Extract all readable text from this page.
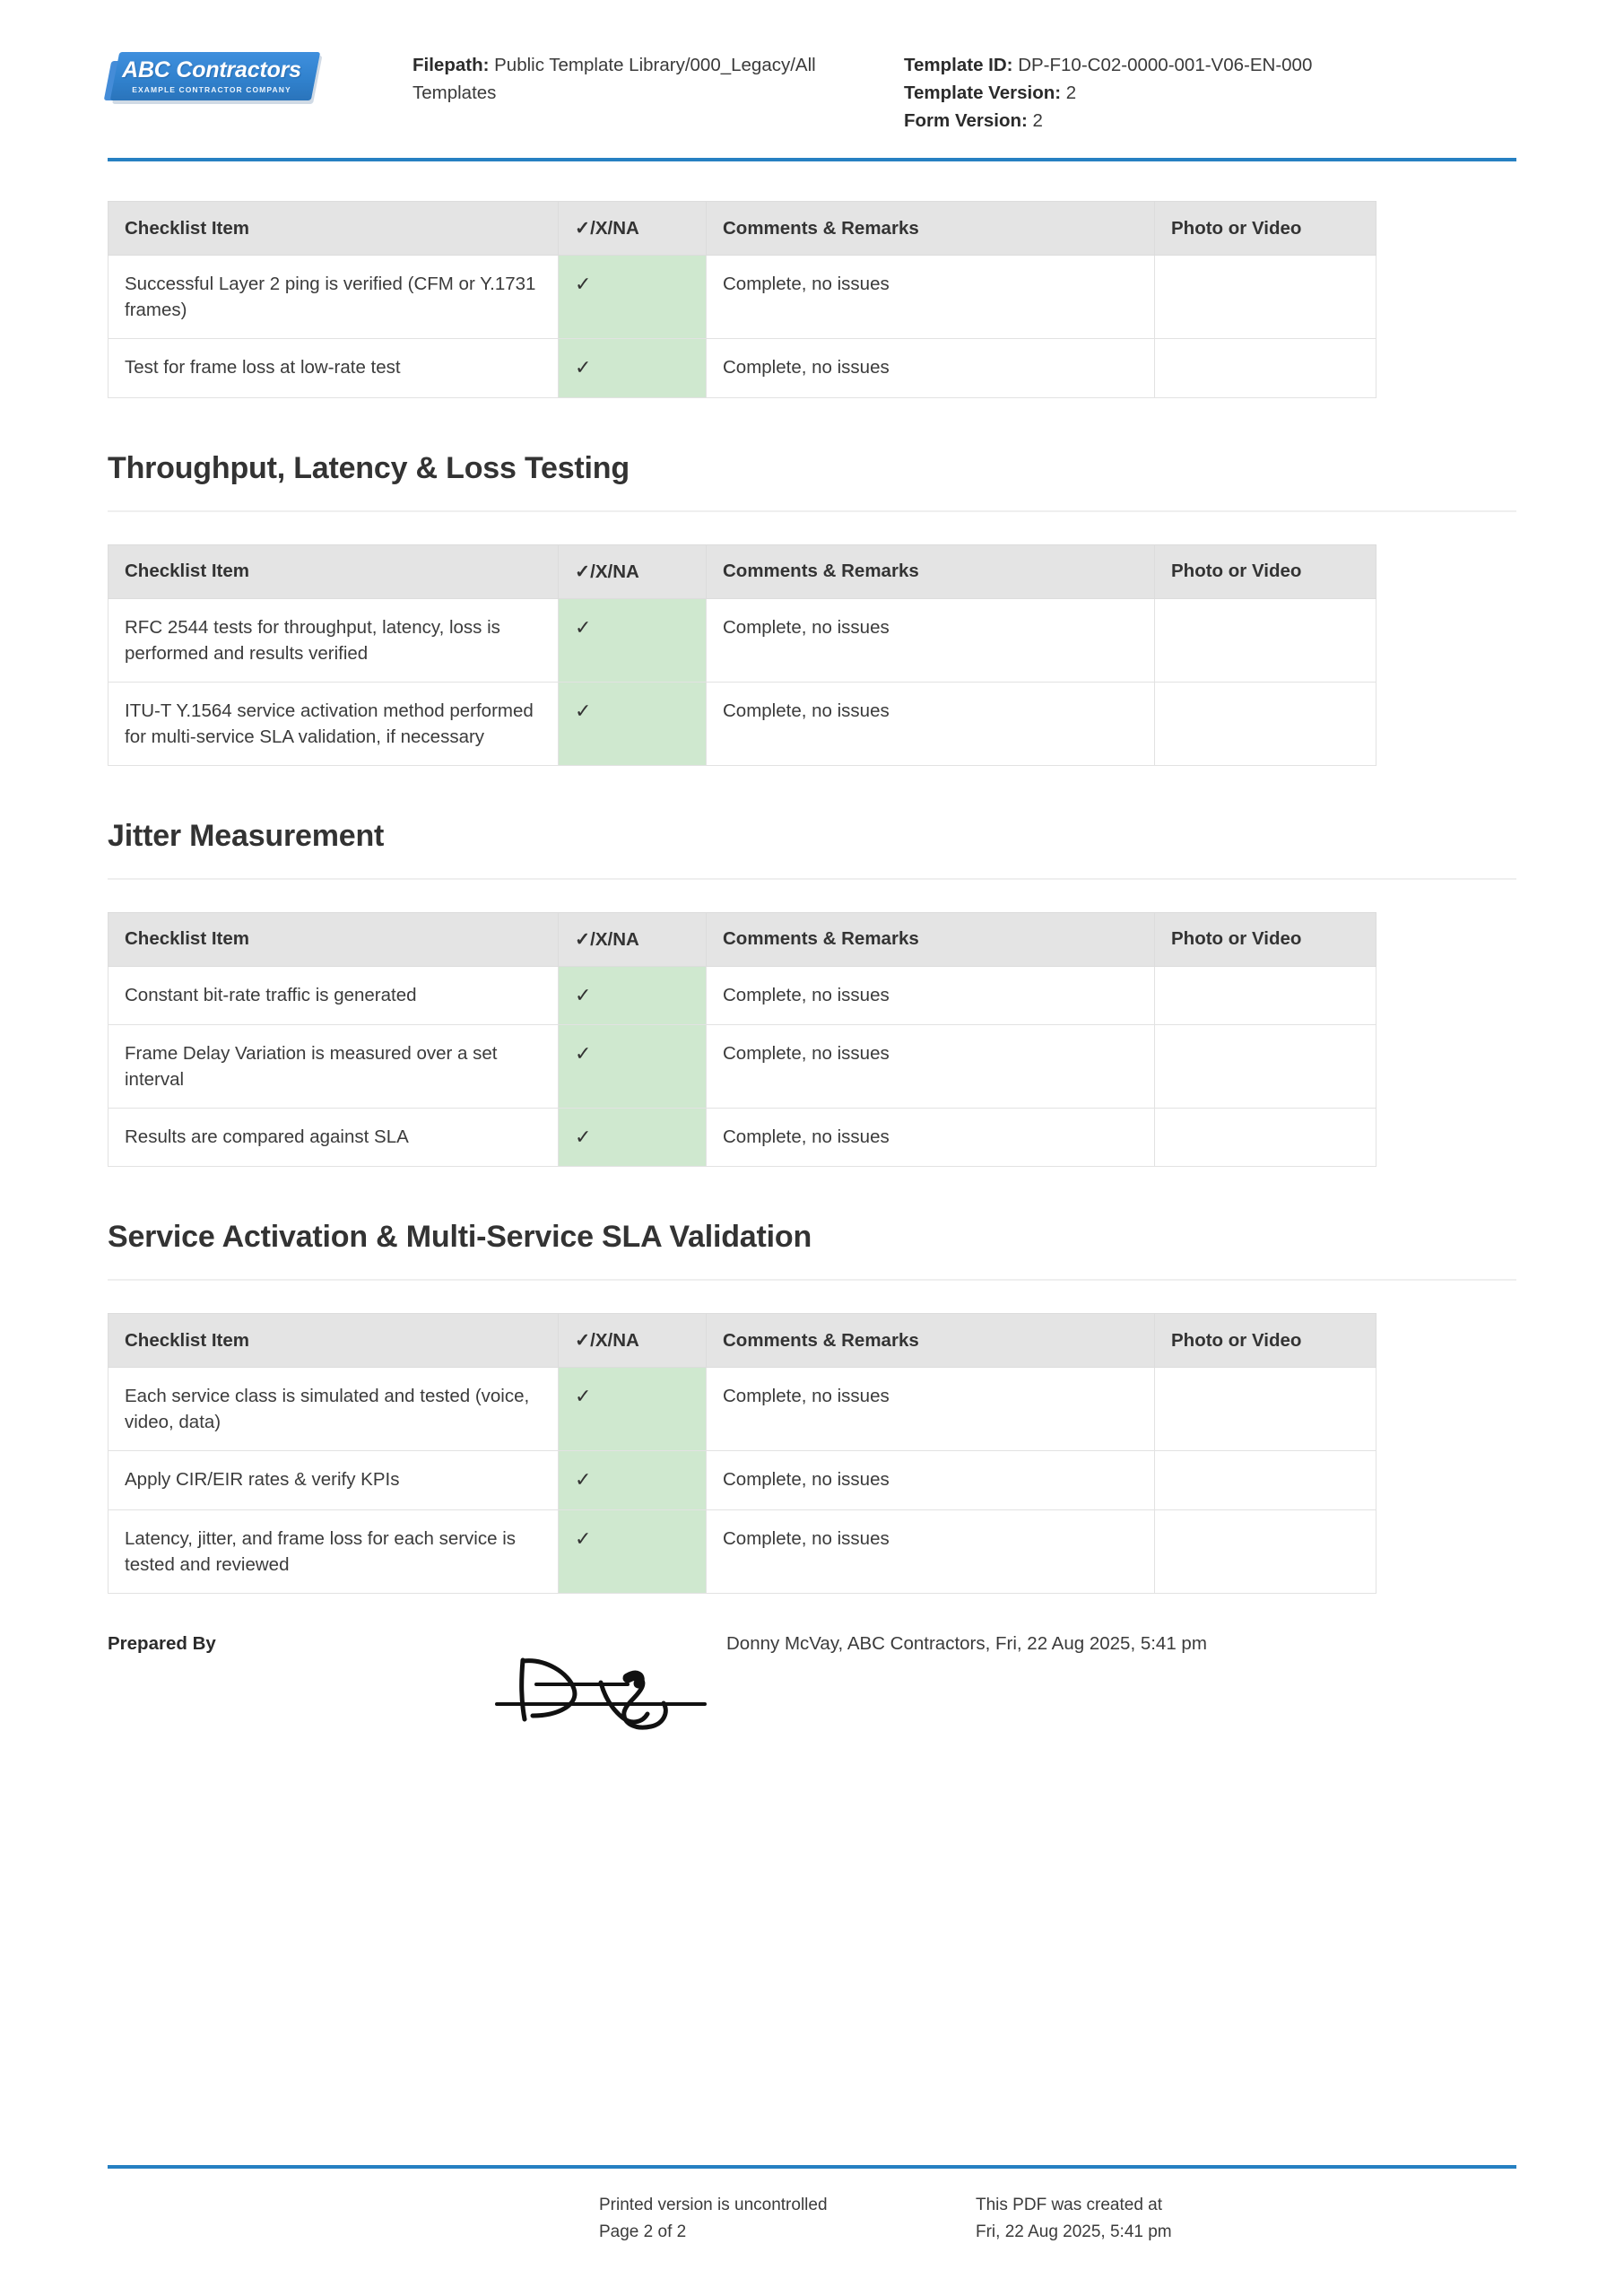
ABC Contractors
EXAMPLE CONTRACTOR COMPANY
Filepath: Public Template Library/000_Legacy/All Templates
Template ID: DP-F10-C02-0000-001-V06-EN-000
Template Version: 2
Form Version: 2
Checklist Item	✓/X/NA	Comments & Remarks	Photo or Video
Successful Layer 2 ping is verified (CFM or Y.1731 frames)	✓	Complete, no issues	
Test for frame loss at low-rate test	✓	Complete, no issues	
Throughput, Latency & Loss Testing
Checklist Item	✓/X/NA	Comments & Remarks	Photo or Video
RFC 2544 tests for throughput, latency, loss is performed and results verified	✓	Complete, no issues	
ITU-T Y.1564 service activation method performed for multi-service SLA validation, if necessary	✓	Complete, no issues	
Jitter Measurement
Checklist Item	✓/X/NA	Comments & Remarks	Photo or Video
Constant bit-rate traffic is generated	✓	Complete, no issues	
Frame Delay Variation is measured over a set interval	✓	Complete, no issues	
Results are compared against SLA	✓	Complete, no issues	
Service Activation & Multi-Service SLA Validation
Checklist Item	✓/X/NA	Comments & Remarks	Photo or Video
Each service class is simulated and tested (voice, video, data)	✓	Complete, no issues	
Apply CIR/EIR rates & verify KPIs	✓	Complete, no issues	
Latency, jitter, and frame loss for each service is tested and reviewed	✓	Complete, no issues	
Prepared By	Donny McVay, ABC Contractors, Fri, 22 Aug 2025, 5:41 pm
Printed version is uncontrolled
Page 2 of 2
This PDF was created at
Fri, 22 Aug 2025, 5:41 pm
